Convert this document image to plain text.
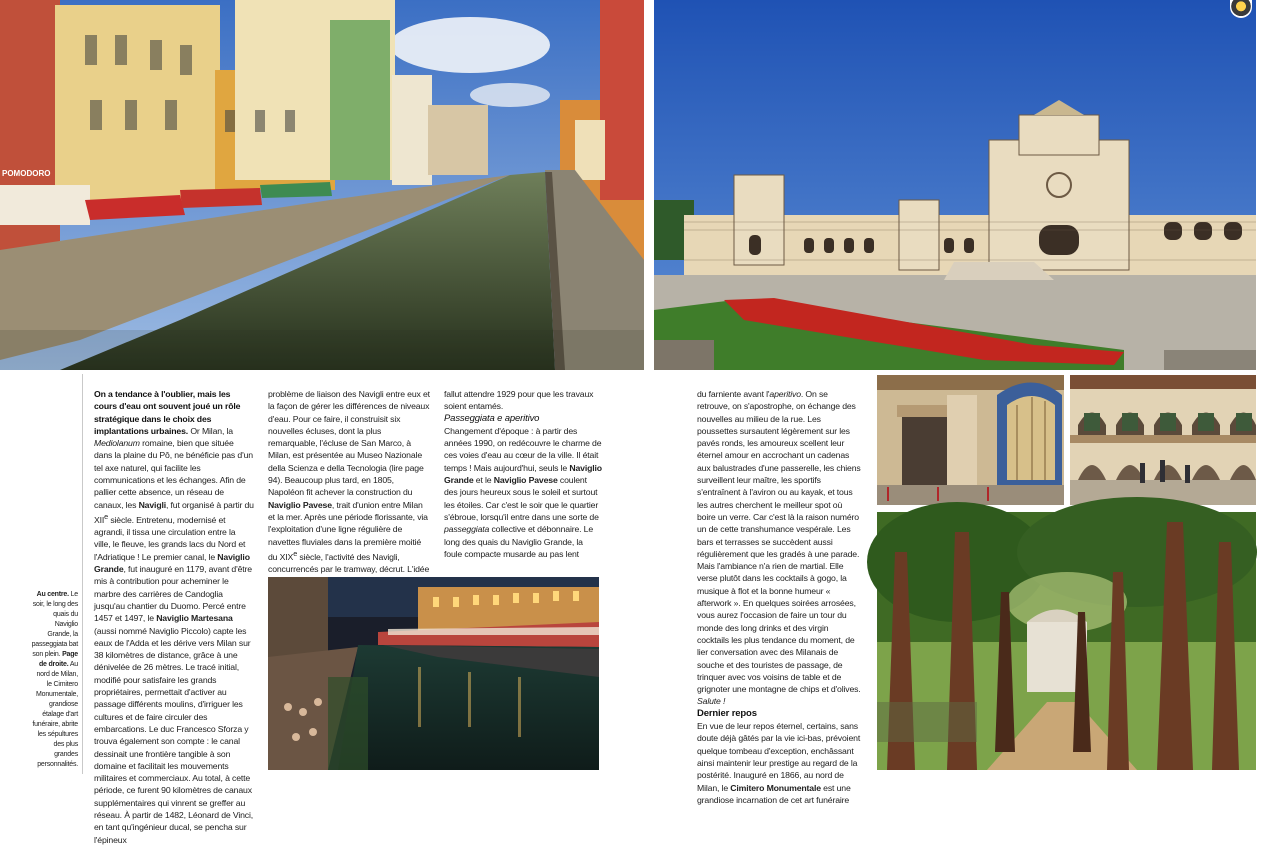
POMODORO
Au centre. Le soir, le long des quais du Naviglio Grande, la passeggiata bat son plein. Page de droite. Au nord de Milan, le Cimitero Monumentale, grandiose étalage d'art funéraire, abrite les sépultures des plus grandes personnalités.

On a tendance à l'oublier, mais les cours d'eau ont souvent joué un rôle stratégique dans le choix des implantations urbaines. Or Milan, la Mediolanum romaine, bien que située dans la plaine du Pô, ne bénéficie pas d'un tel axe naturel, qui facilite les communications et les échanges. Afin de pallier cette absence, un réseau de canaux, les Navigli, fut organisé à partir du XIIe siècle. Entretenu, modernisé et agrandi, il tissa une circulation entre la ville, le fleuve, les grands lacs du Nord et l'Adriatique ! Le premier canal, le Naviglio Grande, fut inauguré en 1179, avant d'être mis à contribution pour acheminer le marbre des carrières de Candoglia jusqu'au chantier du Duomo. Percé entre 1457 et 1497, le Naviglio Martesana (aussi nommé Naviglio Piccolo) capte les eaux de l'Adda et les dérive vers Milan sur 38 kilomètres de distance, grâce à une dénivelée de 26 mètres. Le tracé initial, modifié pour satisfaire les grands propriétaires, permettait d'activer au passage différents moulins, d'irriguer les cultures et de faire circuler des embarcations. Le duc Francesco Sforza y trouva également son compte : le canal dessinait une frontière tangible à son domaine et facilitait les mouvements militaires et commerciaux. Au total, à cette période, ce furent 90 kilomètres de canaux supplémentaires qui vinrent se greffer au réseau. À partir de 1482, Léonard de Vinci, en tant qu'ingénieur ducal, se pencha sur l'épineux

problème de liaison des Navigli entre eux et la façon de gérer les différences de niveaux d'eau. Pour ce faire, il construisit six nouvelles écluses, dont la plus remarquable, l'écluse de San Marco, à Milan, est présentée au Museo Nazionale della Scienza e della Tecnologia (lire page 94). Beaucoup plus tard, en 1805, Napoléon fit achever la construction du Naviglio Pavese, trait d'union entre Milan et la mer. Après une période florissante, via l'exploitation d'une ligne régulière de navettes fluviales dans la première moitié du XIXe siècle, l'activité des Navigli, concurrencés par le tramway, décrut. L'idée

fallut attendre 1929 pour que les travaux soient entamés.

Passeggiata e aperitivo

Changement d'époque : à partir des années 1990, on redécouvre le charme de ces voies d'eau au cœur de la ville. Il était temps ! Mais aujourd'hui, seuls le Naviglio Grande et le Naviglio Pavese coulent des jours heureux sous le soleil et surtout les étoiles. Car c'est le soir que le quartier s'ébroue, lorsqu'il entre dans une sorte de passeggiata collective et débonnaire. Le long des quais du Naviglio Grande, la foule compacte musarde au pas lent

du farniente avant l'aperitivo. On se retrouve, on s'apostrophe, on échange des nouvelles au milieu de la rue. Les poussettes sursautent légèrement sur les pavés ronds, les amoureux scellent leur éternel amour en accrochant un cadenas aux balustrades d'une passerelle, les chiens surveillent leur maître, les sportifs s'entraînent à l'aviron ou au kayak, et tous les autres cherchent le meilleur spot où boire un verre. Car c'est là la raison numéro un de cette transhumance vespérale. Les bars et terrasses se succèdent aussi régulièrement que les gradés à une parade. Mais l'ambiance n'a rien de martial. Elle verse plutôt dans les cocktails à gogo, la musique à flot et la bonne humeur « afterwork ». En quelques soirées arrosées, vous aurez l'occasion de faire un tour du monde des long drinks et des virgin cocktails les plus tendance du moment, de lier conversation avec des Milanais de souche et des touristes de passage, de trinquer avec vos voisins de table et de grignoter une montagne de chips et d'olives. Salute !

Dernier repos

En vue de leur repos éternel, certains, sans doute déjà gâtés par la vie ici-bas, prévoient quelque tombeau d'exception, enchâssant ainsi maintenir leur prestige au regard de la postérité. Inauguré en 1866, au nord de Milan, le Cimitero Monumentale est une grandiose incarnation de cet art funéraire
